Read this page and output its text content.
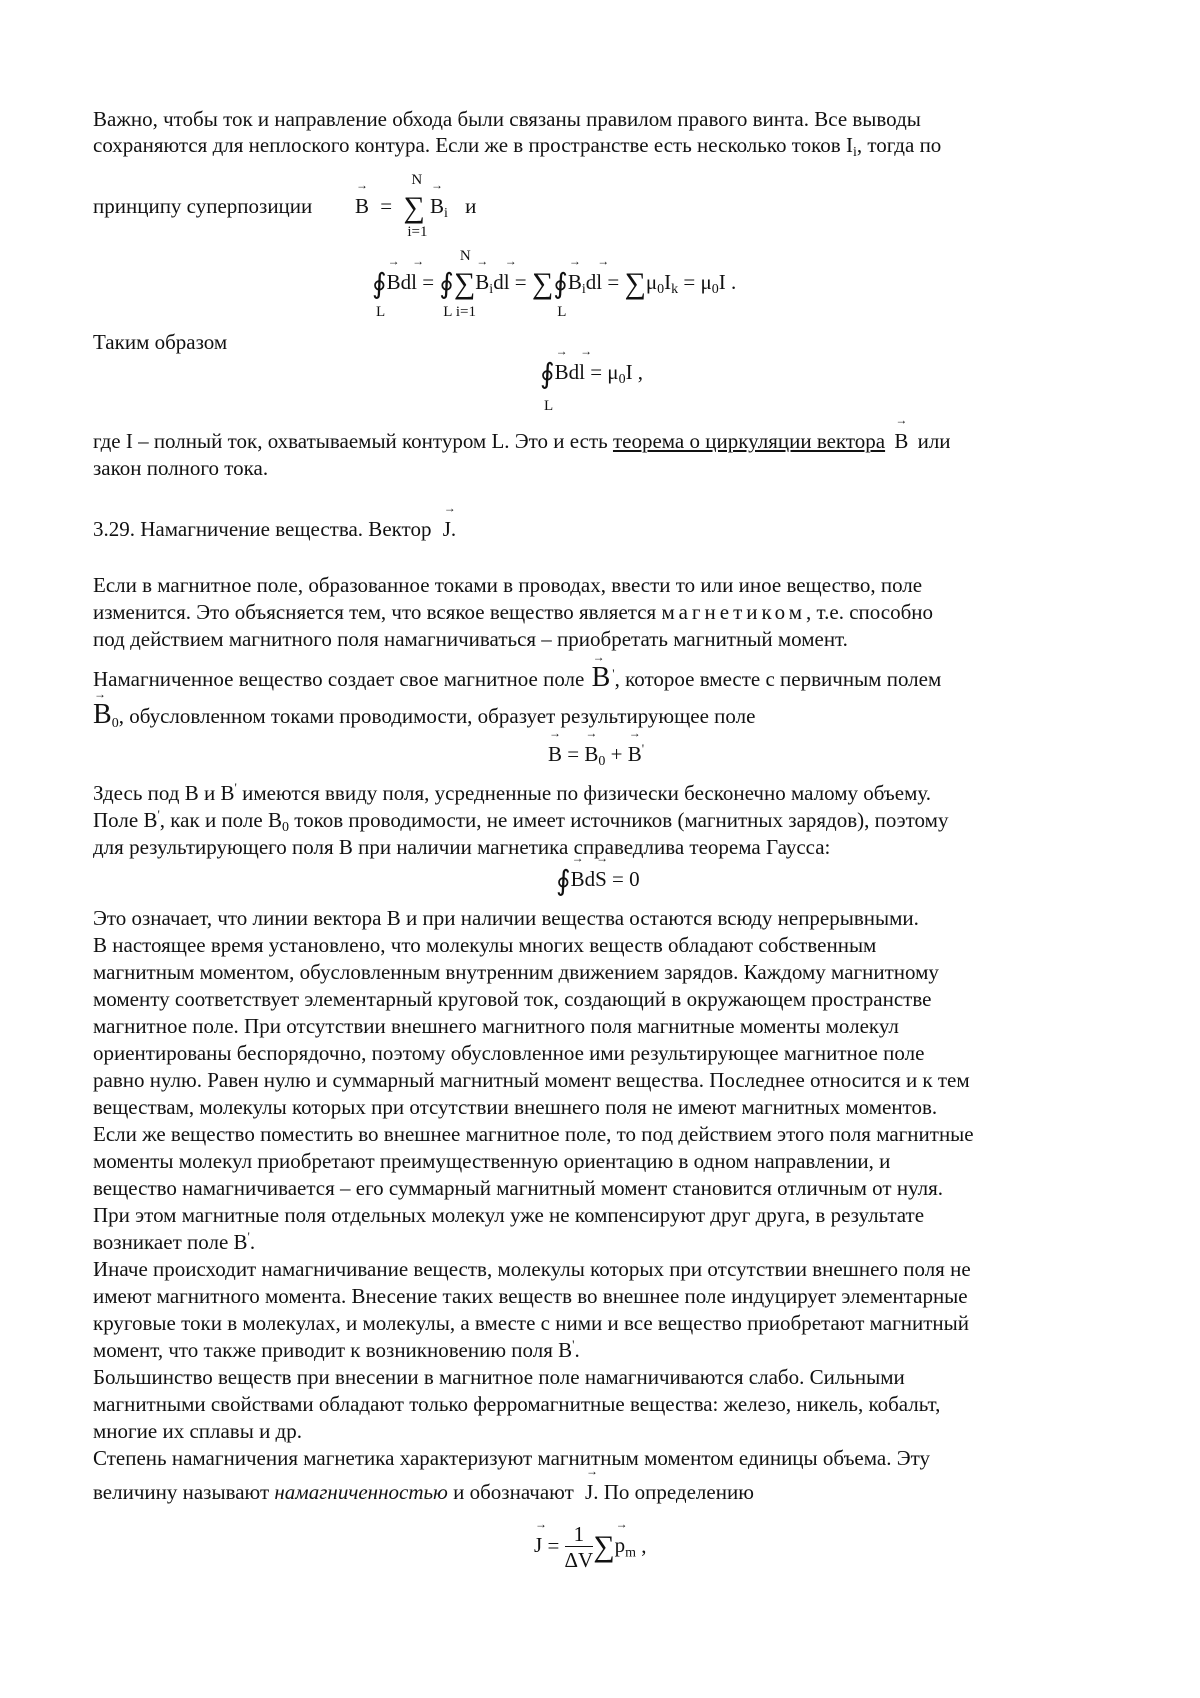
Важно, чтобы ток и направление обхода были связаны правилом правого винта. Все выводы
сохраняются для неплоского контура. Если же в пространстве есть несколько токов $I_i$, тогда по
принципу суперпозиции → B =
N
∑
i=1
→ $B_i$ и
∮
L
→ Bd→ l = ∮
L
N
∑
i=1
→ $B_id\to l$ = ∑∮
L
→ $B_id\to l = \sum\mu_0I_k = \mu_0I$ .
Таким образом
∮
L
→ $Bd\to l = \mu_0I$ ,
где I – полный ток, охватываемый контуром L. Это и есть теорема о циркуляции вектора → B или
закон полного тока.
3.29. Намагничение вещества. Вектор → J.
Если в магнитное поле, образованное токами в проводах, ввести то или иное вещество, поле
изменится. Это объясняется тем, что всякое вещество является магнетиком, т.е. способно
под действием магнитного поля намагничиваться – приобретать магнитный момент.
Намагниченное вещество создает свое магнитное поле → B ', которое вместе с первичным полем
→ $B_0$, обусловленном токами проводимости, образует результирующее поле
→ B = → $B_0$ + → B'
Здесь под B и B' имеются ввиду поля, усредненные по физически бесконечно малому объему.
Поле B', как и поле $B_0$ токов проводимости, не имеет источников (магнитных зарядов), поэтому
для результирующего поля B при наличии магнетика справедлива теорема Гаусса:
∮→ Bd→ S = 0
Это означает, что линии вектора B и при наличии вещества остаются всюду непрерывными.
В настоящее время установлено, что молекулы многих веществ обладают собственным
магнитным моментом, обусловленным внутренним движением зарядов. Каждому магнитному
моменту соответствует элементарный круговой ток, создающий в окружающем пространстве
магнитное поле. При отсутствии внешнего магнитного поля магнитные моменты молекул
ориентированы беспорядочно, поэтому обусловленное ими результирующее магнитное поле
равно нулю. Равен нулю и суммарный магнитный момент вещества. Последнее относится и к тем
веществам, молекулы которых при отсутствии внешнего поля не имеют магнитных моментов.
Если же вещество поместить во внешнее магнитное поле, то под действием этого поля магнитные
моменты молекул приобретают преимущественную ориентацию в одном направлении, и
вещество намагничивается – его суммарный магнитный момент становится отличным от нуля.
При этом магнитные поля отдельных молекул уже не компенсируют друг друга, в результате
возникает поле B'.
Иначе происходит намагничивание веществ, молекулы которых при отсутствии внешнего поля не
имеют магнитного момента. Внесение таких веществ во внешнее поле индуцирует элементарные
круговые токи в молекулах, и молекулы, а вместе с ними и все вещество приобретают магнитный
момент, что также приводит к возникновению поля B'.
Большинство веществ при внесении в магнитное поле намагничиваются слабо. Сильными
магнитными свойствами обладают только ферромагнитные вещества: железо, никель, кобальт,
многие их сплавы и др.
Степень намагничения магнетика характеризуют магнитным моментом единицы объема. Эту
величину называют намагниченностью и обозначают → J. По определению
→ $J = \frac{1}{\Delta V}$ ∑→ $p_m$ ,
